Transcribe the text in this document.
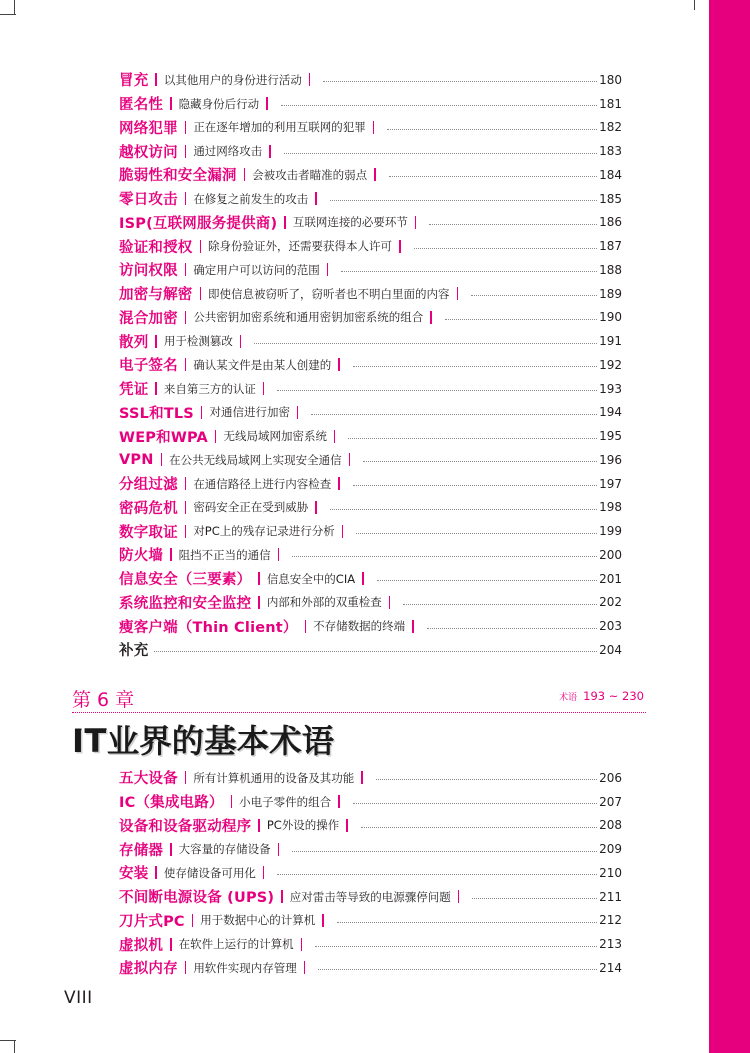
冒充 以其他用户的身份进行活动	180
匿名性 隐藏身份后行动	181
网络犯罪 正在逐年增加的利用互联网的犯罪	182
越权访问 通过网络攻击	183
脆弱性和安全漏洞 会被攻击者瞄准的弱点	184
零日攻击 在修复之前发生的攻击	185
ISP(互联网服务提供商) 互联网连接的必要环节	186
验证和授权 除身份验证外，还需要获得本人许可	187
访问权限 确定用户可以访问的范围	188
加密与解密 即使信息被窃听了，窃听者也不明白里面的内容	189
混合加密 公共密钥加密系统和通用密钥加密系统的组合	190
散列 用于检测篡改	191
电子签名 确认某文件是由某人创建的	192
凭证 来自第三方的认证	193
SSL和TLS 对通信进行加密	194
WEP和WPA 无线局域网加密系统	195
VPN 在公共无线局域网上实现安全通信	196
分组过滤 在通信路径上进行内容检查	197
密码危机 密码安全正在受到威胁	198
数字取证 对PC上的残存记录进行分析	199
防火墙 阻挡不正当的通信	200
信息安全（三要素） 信息安全中的CIA	201
系统监控和安全监控 内部和外部的双重检查	202
瘦客户端（Thin Client） 不存储数据的终端	203
补充	204
第 6 章	术语 193 ~ 230
IT业界的基本术语
五大设备 所有计算机通用的设备及其功能	206
IC（集成电路） 小电子零件的组合	207
设备和设备驱动程序 PC外设的操作	208
存储器 大容量的存储设备	209
安装 使存储设备可用化	210
不间断电源设备 (UPS) 应对雷击等导致的电源骤停问题	211
刀片式PC 用于数据中心的计算机	212
虚拟机 在软件上运行的计算机	213
虚拟内存 用软件实现内存管理	214
VIII
